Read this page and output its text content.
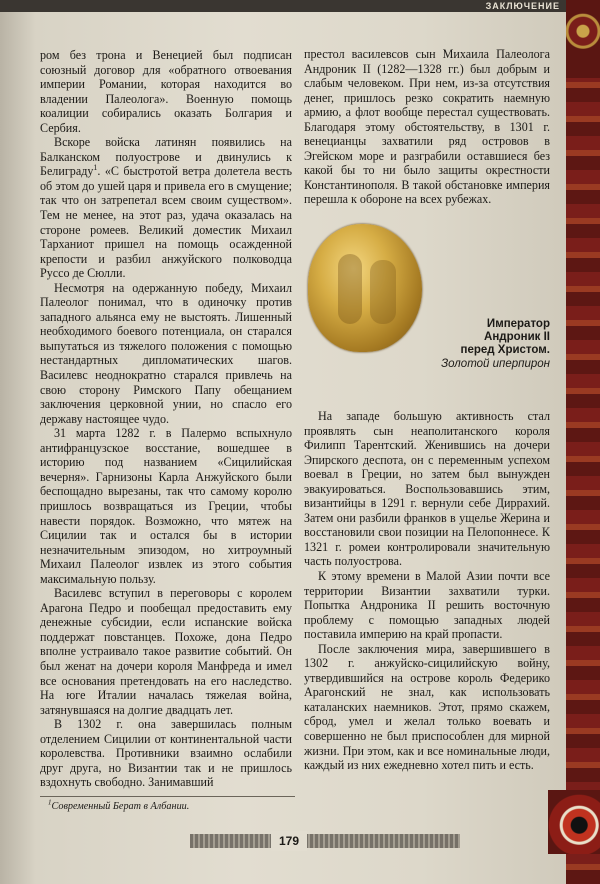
ЗАКЛЮЧЕНИЕ

ром без трона и Венецией был подписан союзный договор для «обратного отвоевания империи Романии, которая находится во владении Палеолога». Военную помощь коалиции собирались оказать Болгария и Сербия.

Вскоре войска латинян появились на Балканском полуострове и двинулись к Белиграду$^1$. «С быстротой ветра долетела весть об этом до ушей царя и привела его в смущение; так что он затрепетал всем своим существом». Тем не менее, на этот раз, удача оказалась на стороне ромеев. Великий доместик Михаил Тарханиот пришел на помощь осажденной крепости и разбил анжуйского полководца Руссо де Сюлли.

Несмотря на одержанную победу, Михаил Палеолог понимал, что в одиночку против западного альянса ему не выстоять. Лишенный необходимого боевого потенциала, он старался выпутаться из тяжелого положения с помощью нестандартных дипломатических шагов. Василевс неоднократно старался привлечь на свою сторону Римского Папу обещанием заключения церковной унии, но спасло его державу настоящее чудо.

31 марта 1282 г. в Палермо вспыхнуло антифранцузское восстание, вошедшее в историю под названием «Сицилийская вечерня». Гарнизоны Карла Анжуйского были беспощадно вырезаны, так что самому королю пришлось возвращаться из Греции, чтобы навести порядок. Возможно, что мятеж на Сицилии так и остался бы в истории незначительным эпизодом, но хитроумный Михаил Палеолог извлек из этого события максимальную пользу.

Василевс вступил в переговоры с королем Арагона Педро и пообещал предоставить ему денежные субсидии, если испанские войска поддержат повстанцев. Похоже, дона Педро вполне устраивало такое развитие событий. Он был женат на дочери короля Манфреда и имел все основания претендовать на его наследство. На юге Италии началась тяжелая война, затянувшаяся на долгие двадцать лет.

В 1302 г. она завершилась полным отделением Сицилии от континентальной части королевства. Противники взаимно ослабили друг друга, но Византии так и не пришлось вздохнуть свободно. Занимавший

престол василевсов сын Михаила Палеолога Андроник II (1282—1328 гг.) был добрым и слабым человеком. При нем, из-за отсутствия денег, пришлось резко сократить наемную армию, а флот вообще перестал существовать. Благодаря этому обстоятельству, в 1301 г. венецианцы захватили ряд островов в Эгейском море и разграбили оставшиеся без какой бы то ни было защиты окрестности Константинополя. В такой обстановке империя перешла к обороне на всех рубежах.

Император
Андроник II
перед Христом.
Золотой иперпирон

На западе большую активность стал проявлять сын неаполитанского короля Филипп Тарентский. Женившись на дочери Эпирского деспота, он с переменным успехом воевал в Греции, но затем был вынужден эвакуироваться. Воспользовавшись этим, византийцы в 1291 г. вернули себе Диррахий. Затем они разбили франков в ущелье Жерина и восстановили свои позиции на Пелопоннесе. К 1321 г. ромеи контролировали значительную часть полуострова.

К этому времени в Малой Азии почти все территории Византии захватили турки. Попытка Андроника II решить восточную проблему с помощью западных людей поставила империю на край пропасти.

После заключения мира, завершившего в 1302 г. анжуйско-сицилийскую войну, утвердившийся на острове король Федерико Арагонский не знал, как использовать каталанских наемников. Этот, прямо скажем, сброд, умел и желал только воевать и совершенно не был приспособлен для мирной жизни. При этом, как и все номинальные люди, каждый из них ежедневно хотел пить и есть.

$^1$Современный Берат в Албании.
179
